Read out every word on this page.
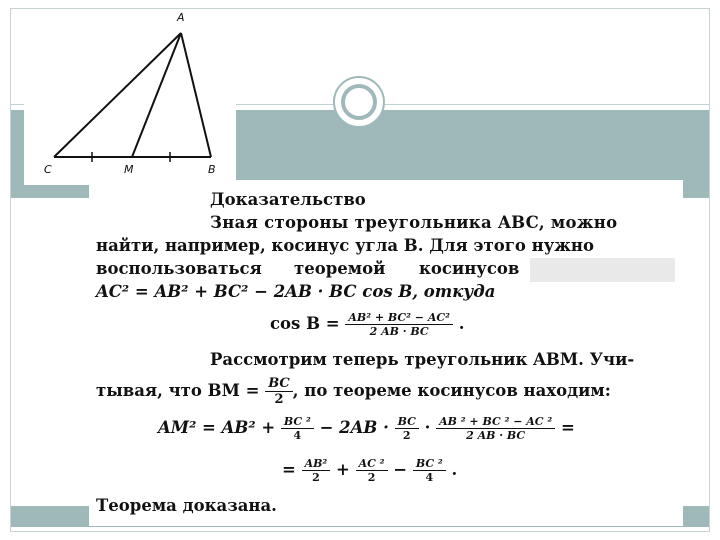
A
C	M	B
Доказательство
Зная стороны треугольника ABC, можно
найти, например, косинус угла B. Для этого нужно
воспользоваться теоремой косинусов
AC² = AB² + BC² − 2AB · BC cos B, откуда
$\cos B = \frac{\text{AB² + BC² − AC²}}{2 AB \cdot BC}$ .
Рассмотрим теперь треугольник ABM. Учи-
тывая, что BM = $\frac{BC}{2}$ , по теореме косинусов находим:
$AM^2 = AB^2 + \frac{\text{BC ²}}{4} - 2AB \cdot \frac{BC}{2} \cdot \frac{\text{AB ² + BC ² − AC ²}}{2 AB \cdot BC}$ =
= $\frac{\text{AB²}}{2} + \frac{\text{AC ²}}{2} - \frac{\text{BC ²}}{4}$ .
Теорема доказана.
